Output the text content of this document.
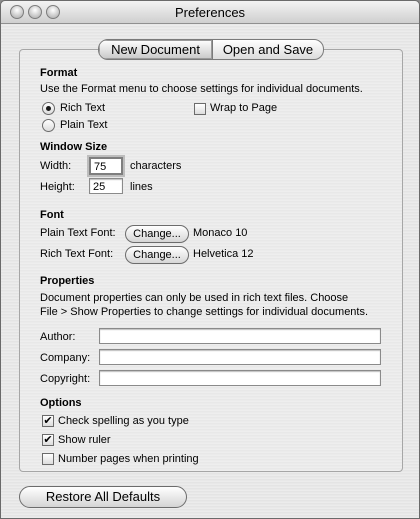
Preferences
New Document	Open and Save
Format
Use the Format menu to choose settings for individual documents.
Rich Text
Plain Text
Wrap to Page
Window Size
Width:	75	characters
Height:	25	lines
Font
Plain Text Font:	Change...	Monaco 10
Rich Text Font:	Change...	Helvetica 12
Properties
Document properties can only be used in rich text files. Choose
File > Show Properties to change settings for individual documents.
Author:
Company:
Copyright:
Options
✔ Check spelling as you type
✔ Show ruler
Number pages when printing
Restore All Defaults
